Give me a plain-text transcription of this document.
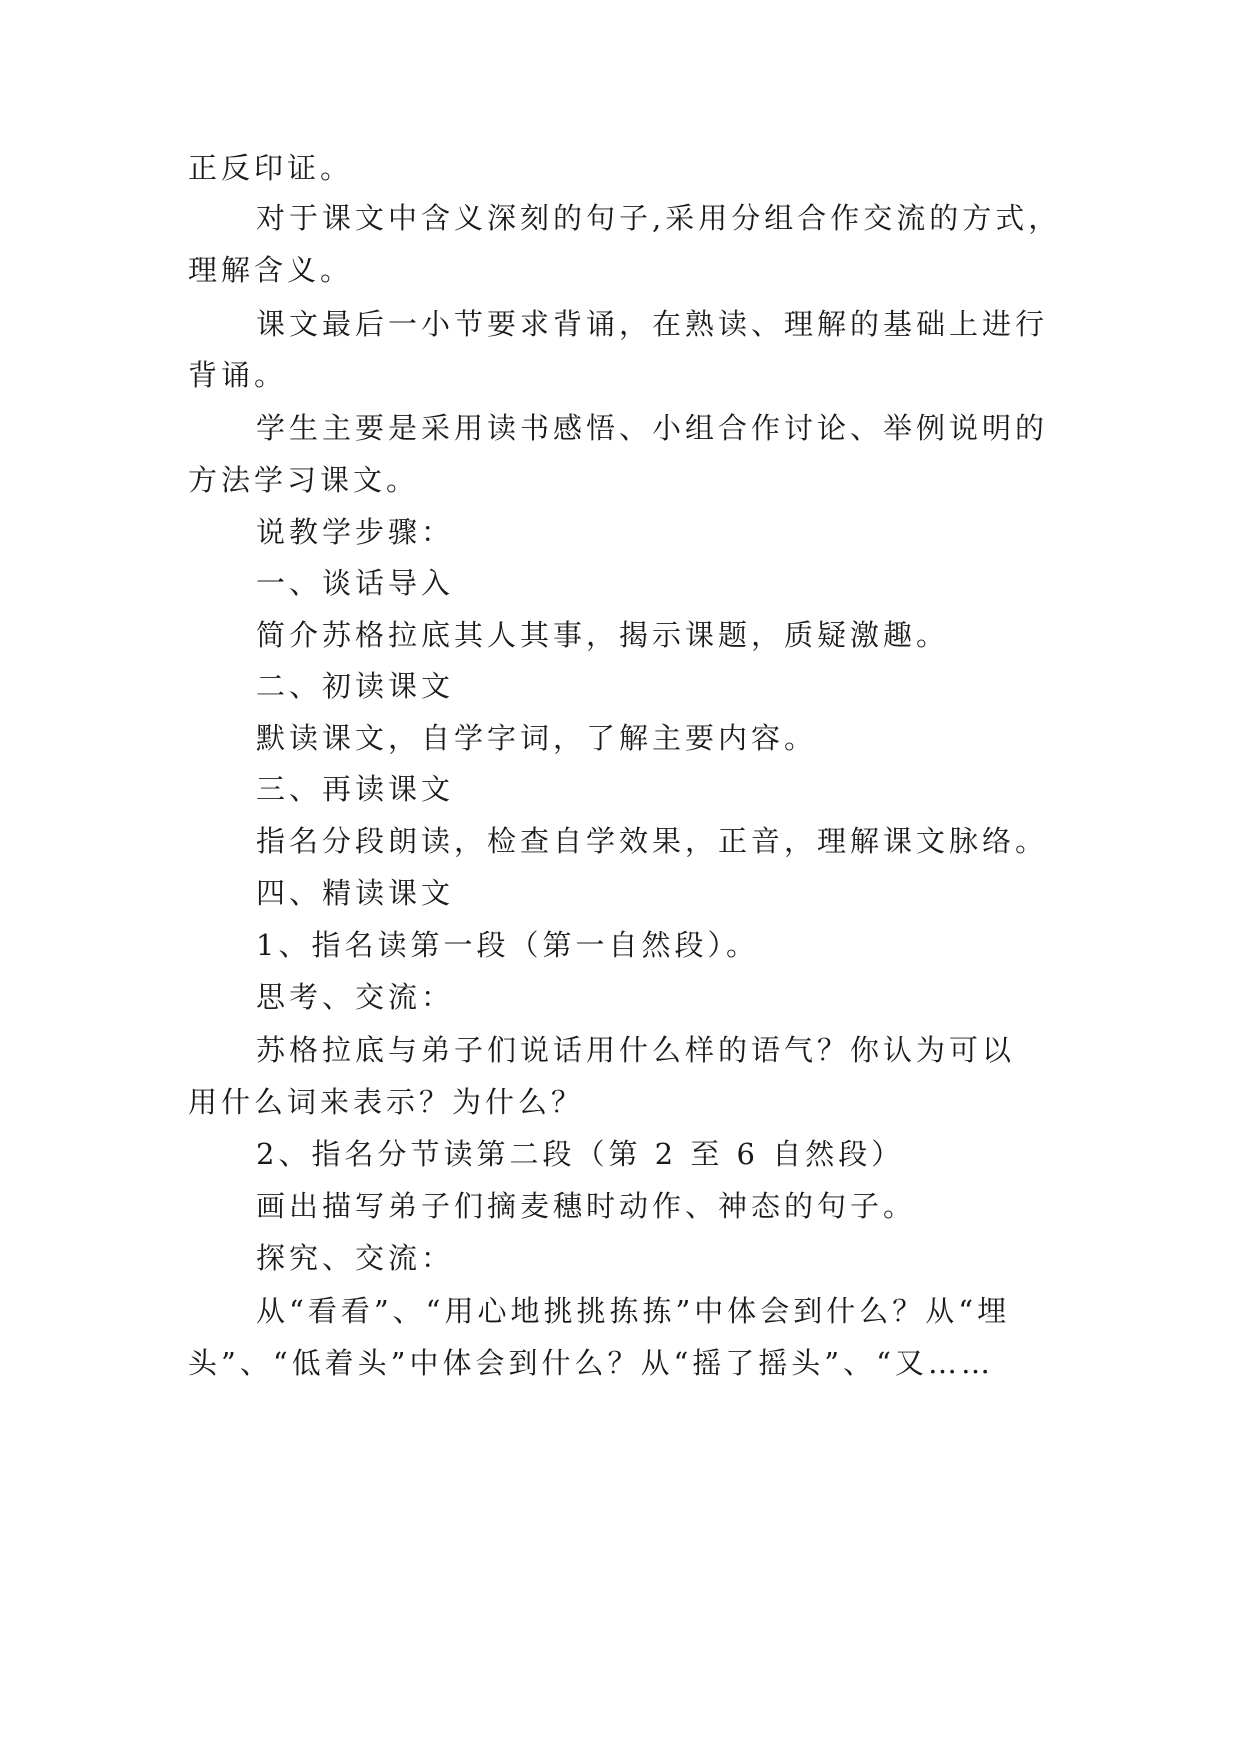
正反印证。
对于课文中含义深刻的句子,采用分组合作交流的方式，
理解含义。
课文最后一小节要求背诵，在熟读、理解的基础上进行
背诵。
学生主要是采用读书感悟、小组合作讨论、举例说明的
方法学习课文。
说教学步骤：
一、谈话导入
简介苏格拉底其人其事，揭示课题，质疑激趣。
二、初读课文
默读课文，自学字词，了解主要内容。
三、再读课文
指名分段朗读，检查自学效果，正音，理解课文脉络。
四、精读课文
1、指名读第一段（第一自然段）。
思考、交流：
苏格拉底与弟子们说话用什么样的语气？你认为可以
用什么词来表示？为什么？
2、指名分节读第二段（第 2 至 6 自然段）
画出描写弟子们摘麦穗时动作、神态的句子。
探究、交流：
从“看看”、“用心地挑挑拣拣”中体会到什么？从“埋
头”、“低着头”中体会到什么？从“摇了摇头”、“又……
